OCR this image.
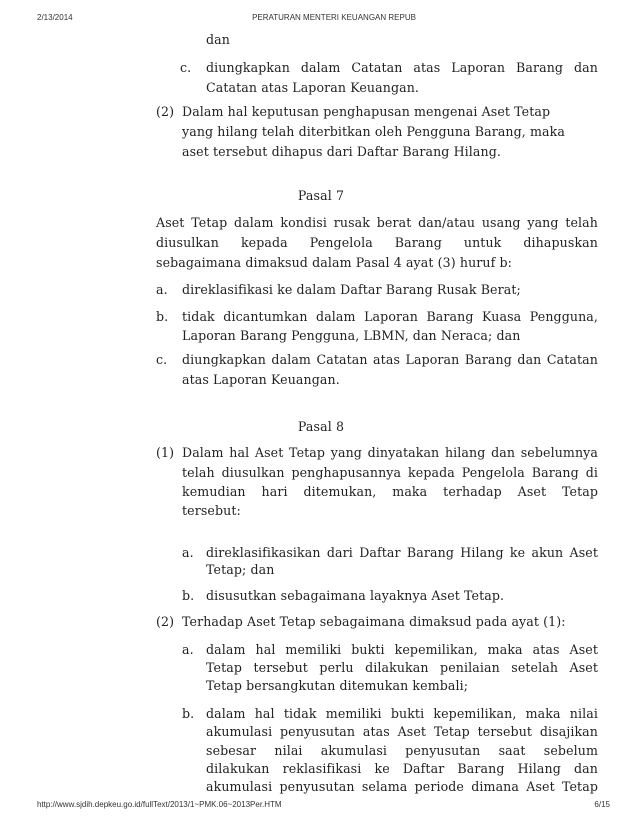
2/13/2014	PERATURAN MENTERI KEUANGAN REPUB
dan
c. diungkapkan dalam Catatan atas Laporan Barang dan
Catatan atas Laporan Keuangan.
(2) Dalam hal keputusan penghapusan mengenai Aset Tetap
yang hilang telah diterbitkan oleh Pengguna Barang, maka
aset tersebut dihapus dari Daftar Barang Hilang.
Pasal 7
Aset Tetap dalam kondisi rusak berat dan/atau usang yang telah
diusulkan kepada Pengelola Barang untuk dihapuskan
sebagaimana dimaksud dalam Pasal 4 ayat (3) huruf b:
a. direklasifikasi ke dalam Daftar Barang Rusak Berat;
b. tidak dicantumkan dalam Laporan Barang Kuasa Pengguna,
Laporan Barang Pengguna, LBMN, dan Neraca; dan
c. diungkapkan dalam Catatan atas Laporan Barang dan Catatan
atas Laporan Keuangan.
Pasal 8
(1) Dalam hal Aset Tetap yang dinyatakan hilang dan sebelumnya
telah diusulkan penghapusannya kepada Pengelola Barang di
kemudian hari ditemukan, maka terhadap Aset Tetap
tersebut:
a. direklasifikasikan dari Daftar Barang Hilang ke akun Aset
Tetap; dan
b. disusutkan sebagaimana layaknya Aset Tetap.
(2) Terhadap Aset Tetap sebagaimana dimaksud pada ayat (1):
a. dalam hal memiliki bukti kepemilikan, maka atas Aset
Tetap tersebut perlu dilakukan penilaian setelah Aset
Tetap bersangkutan ditemukan kembali;
b. dalam hal tidak memiliki bukti kepemilikan, maka nilai
akumulasi penyusutan atas Aset Tetap tersebut disajikan
sebesar nilai akumulasi penyusutan saat sebelum
dilakukan reklasifikasi ke Daftar Barang Hilang dan
akumulasi penyusutan selama periode dimana Aset Tetap
http://www.sjdih.depkeu.go.id/fullText/2013/1~PMK.06~2013Per.HTM	6/15
